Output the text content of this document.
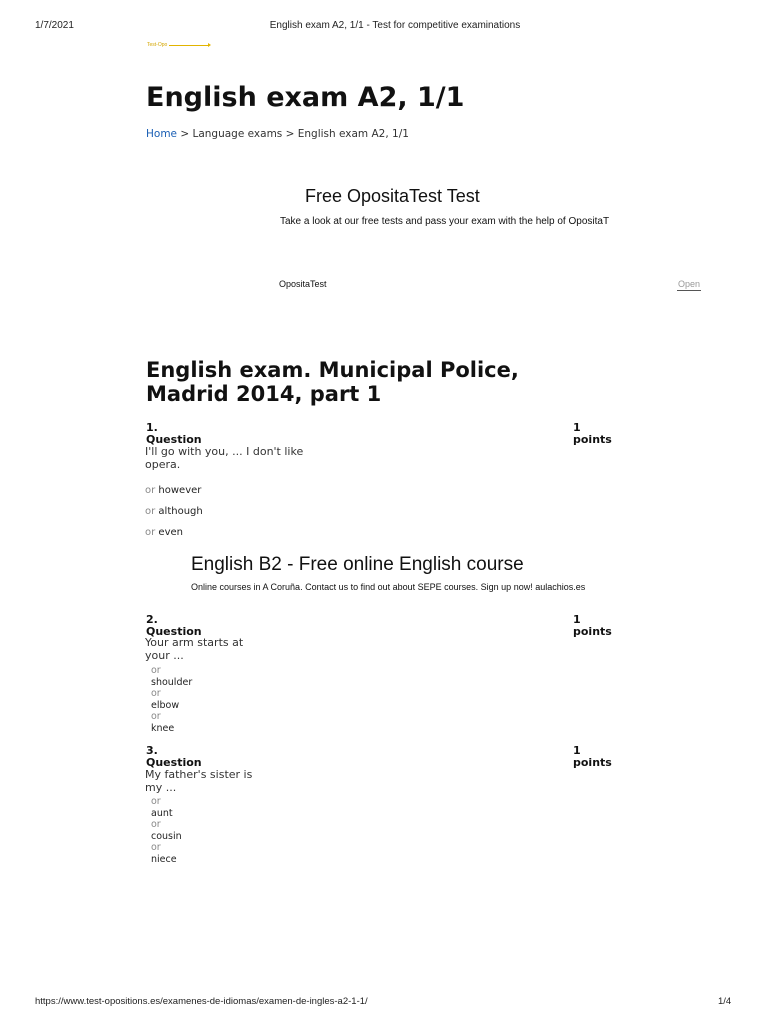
1/7/2021	English exam A2, 1/1 - Test for competitive examinations
Test-Opo
English exam A2, 1/1
Home > Language exams > English exam A2, 1/1
Free OpositaTest Test
Take a look at our free tests and pass your exam with the help of OpositaT
OpositaTest	Open
English exam. Municipal Police,
Madrid 2014, part 1
1.
Question
1
points
I'll go with you, ... I don't like
opera.
or however
or although
or even
English B2 - Free online English course
Online courses in A Coruña. Contact us to find out about SEPE courses. Sign up now! aulachios.es
2.
Question
1
points
Your arm starts at
your ...
or
shoulder
or
elbow
or
knee
3.
Question
1
points
My father's sister is
my ...
or
aunt
or
cousin
or
niece
https://www.test-opositions.es/examenes-de-idiomas/examen-de-ingles-a2-1-1/	1/4
